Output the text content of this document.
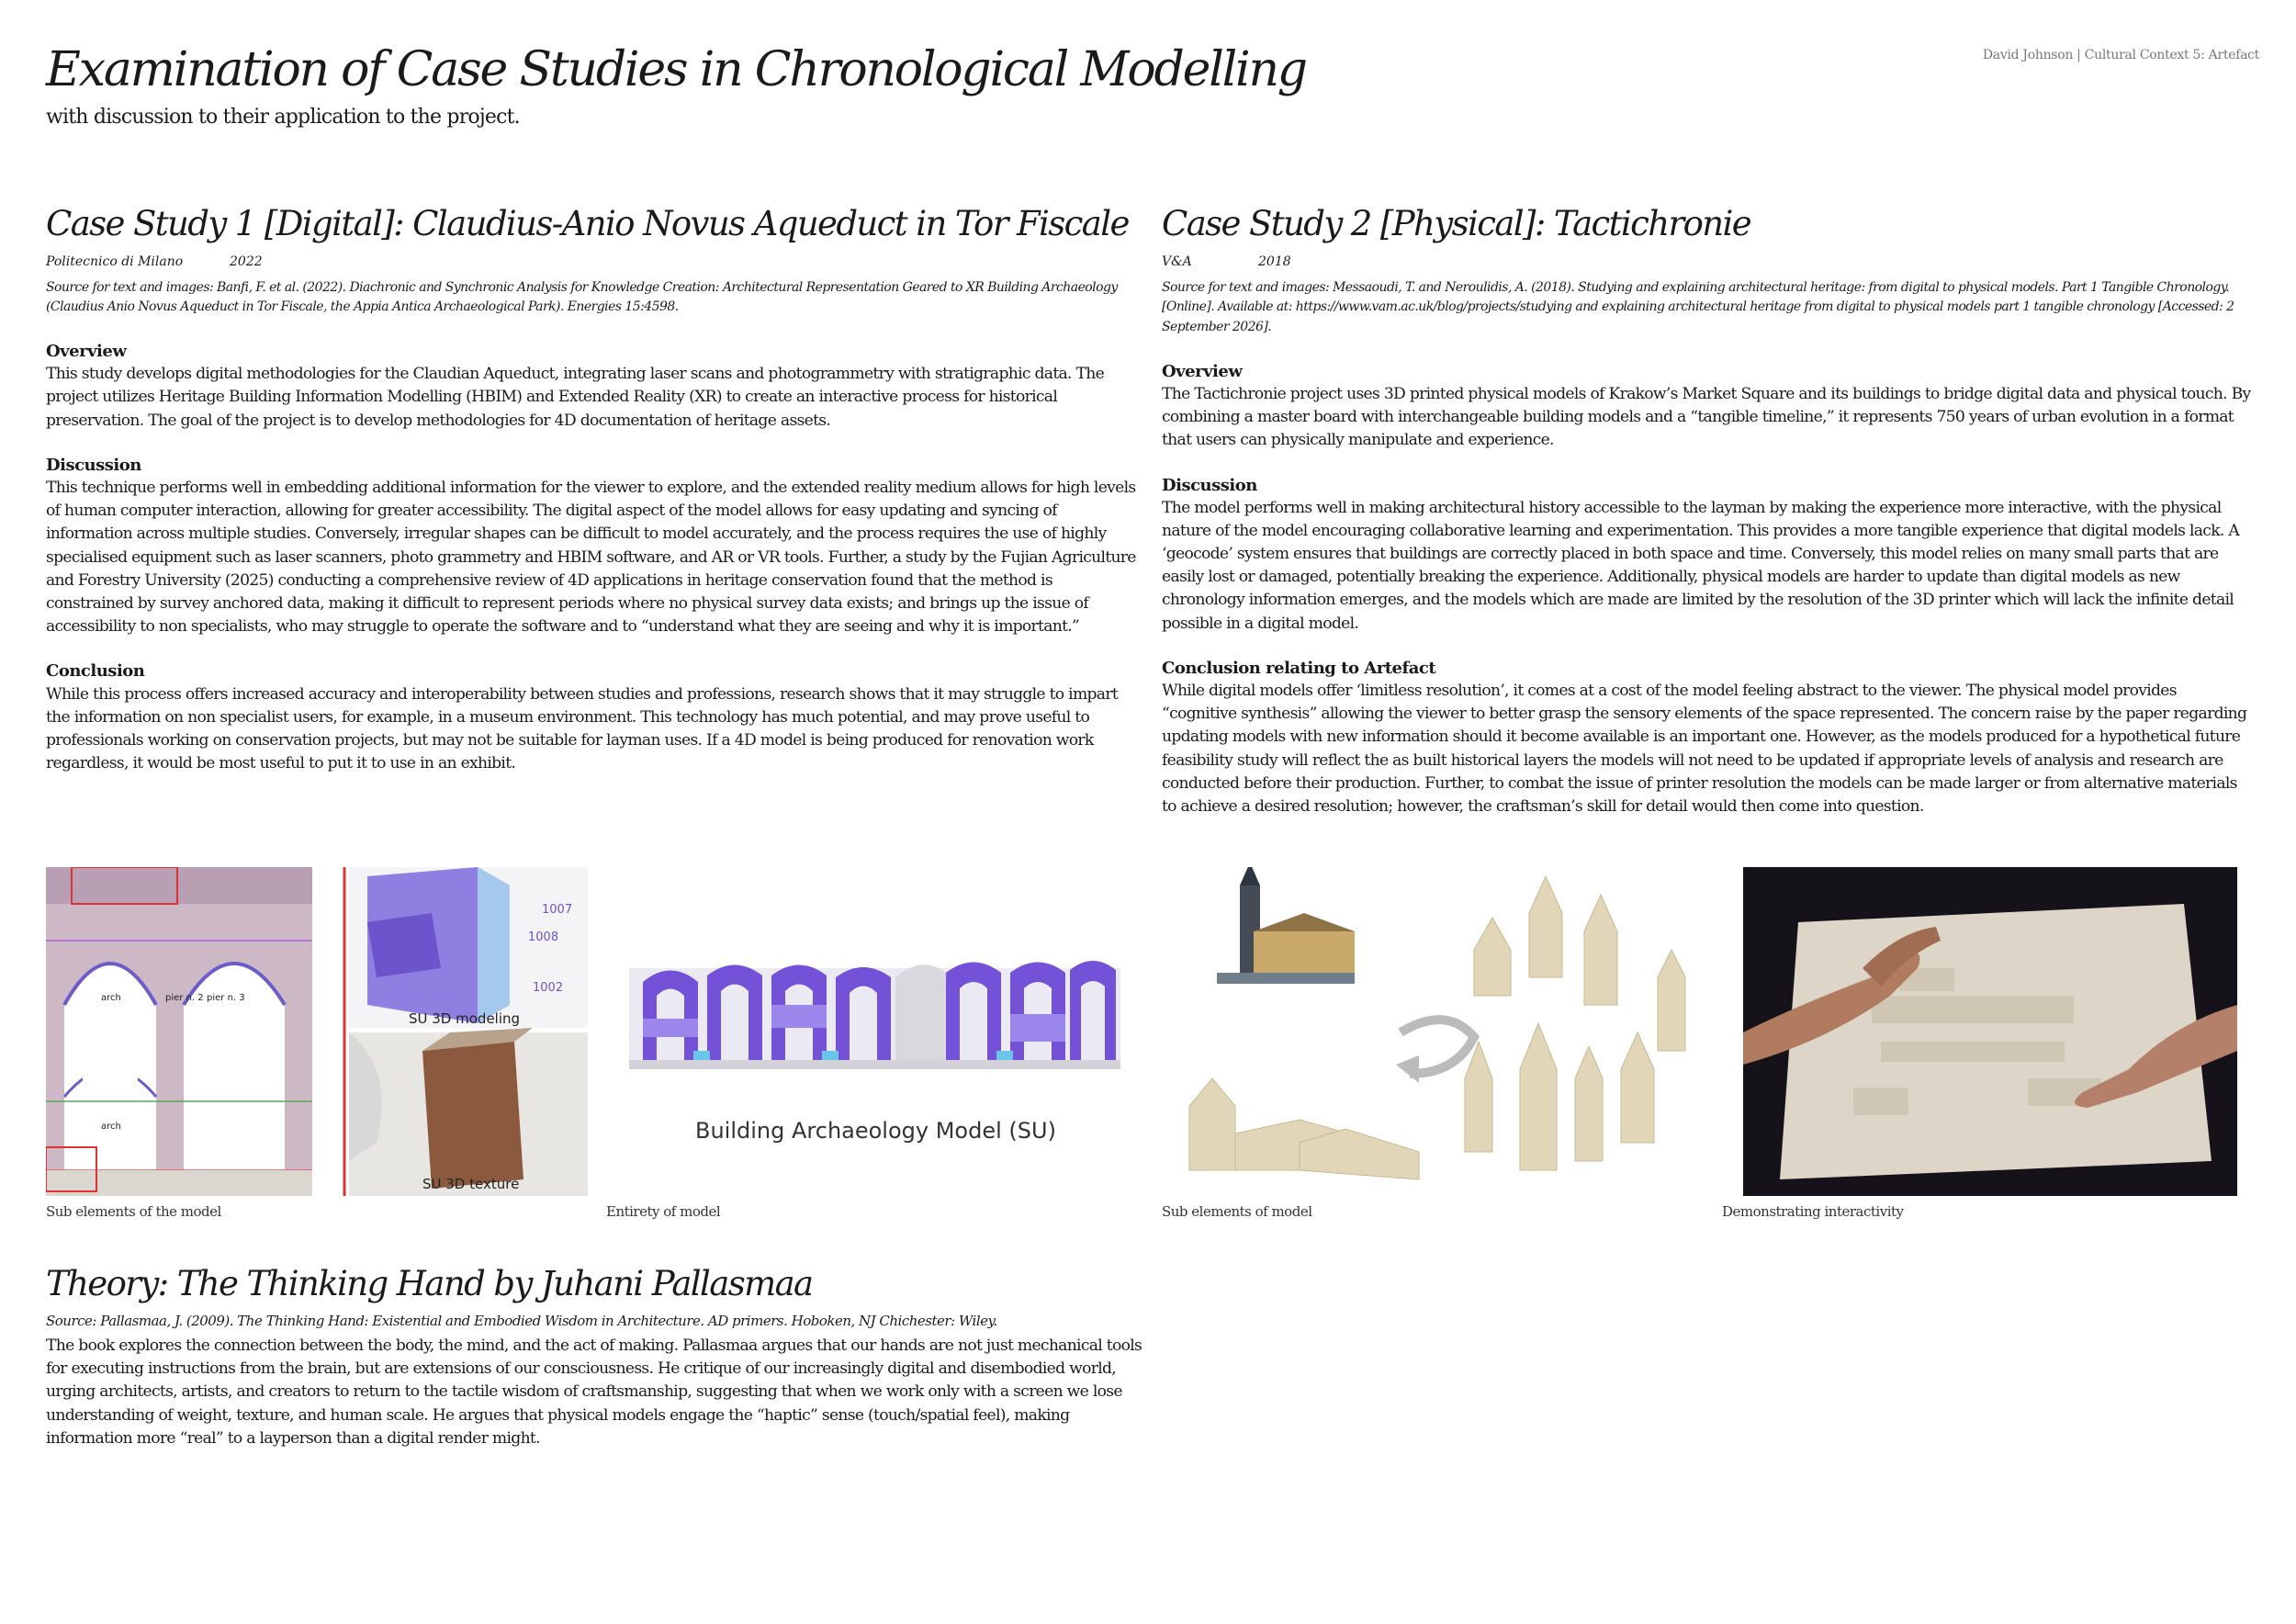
David Johnson | Cultural Context 5: Artefact
Examination of Case Studies in Chronological Modelling
with discussion to their application to the project.
Case Study 1 [Digital]: Claudius-Anio Novus Aqueduct in Tor Fiscale
Politecnico di Milano	2022

Source for text and images: Banfi, F. et al. (2022). Diachronic and Synchronic Analysis for Knowledge Creation: Architectural Representation Geared to XR Building Archaeology (Claudius Anio Novus Aqueduct in Tor Fiscale, the Appia Antica Archaeological Park). Energies 15:4598.

Overview

This study develops digital methodologies for the Claudian Aqueduct, integrating laser scans and photogrammetry with stratigraphic data. The project utilizes Heritage Building Information Modelling (HBIM) and Extended Reality (XR) to create an interactive process for historical preservation. The goal of the project is to develop methodologies for 4D documentation of heritage assets.

Discussion

This technique performs well in embedding additional information for the viewer to explore, and the extended reality medium allows for high levels of human computer interaction, allowing for greater accessibility. The digital aspect of the model allows for easy updating and syncing of information across multiple studies. Conversely, irregular shapes can be difficult to model accurately, and the process requires the use of highly specialised equipment such as laser scanners, photo grammetry and HBIM software, and AR or VR tools. Further, a study by the Fujian Agriculture and Forestry University (2025) conducting a comprehensive review of 4D applications in heritage conservation found that the method is constrained by survey anchored data, making it difficult to represent periods where no physical survey data exists; and brings up the issue of accessibility to non specialists, who may struggle to operate the software and to “understand what they are seeing and why it is important.”

Conclusion

While this process offers increased accuracy and interoperability between studies and professions, research shows that it may struggle to impart the information on non specialist users, for example, in a museum environment. This technology has much potential, and may prove useful to professionals working on conservation projects, but may not be suitable for layman uses. If a 4D model is being produced for renovation work regardless, it would be most useful to put it to use in an exhibit.

Case Study 2 [Physical]: Tactichronie
V&A	2018

Source for text and images: Messaoudi, T. and Neroulidis, A. (2018). Studying and explaining architectural heritage: from digital to physical models. Part 1 Tangible Chronology. [Online]. Available at: https://www.vam.ac.uk/blog/projects/studying and explaining architectural heritage from digital to physical models part 1 tangible chronology [Accessed: 2 September 2026].

Overview

The Tactichronie project uses 3D printed physical models of Krakow’s Market Square and its buildings to bridge digital data and physical touch. By combining a master board with interchangeable building models and a “tangible timeline,” it represents 750 years of urban evolution in a format that users can physically manipulate and experience.

Discussion

The model performs well in making architectural history accessible to the layman by making the experience more interactive, with the physical nature of the model encouraging collaborative learning and experimentation. This provides a more tangible experience that digital models lack. A ‘geocode’ system ensures that buildings are correctly placed in both space and time. Conversely, this model relies on many small parts that are easily lost or damaged, potentially breaking the experience. Additionally, physical models are harder to update than digital models as new chronology information emerges, and the models which are made are limited by the resolution of the 3D printer which will lack the infinite detail possible in a digital model.

Conclusion relating to Artefact

While digital models offer ‘limitless resolution’, it comes at a cost of the model feeling abstract to the viewer. The physical model provides “cognitive synthesis” allowing the viewer to better grasp the sensory elements of the space represented. The concern raise by the paper regarding updating models with new information should it become available is an important one. However, as the models produced for a hypothetical future feasibility study will reflect the as built historical layers the models will not need to be updated if appropriate levels of analysis and research are conducted before their production. Further, to combat the issue of printer resolution the models can be made larger or from alternative materials to achieve a desired resolution; however, the craftsman’s skill for detail would then come into question.

arch	pier n. 2 pier n. 3
arch
1007
1008
1002
SU 3D modeling
SU 3D texture
Sub elements of the model
Building Archaeology Model (SU)
Entirety of model	Sub elements of model	Demonstrating interactivity
Theory: The Thinking Hand by Juhani Pallasmaa

Source: Pallasmaa, J. (2009). The Thinking Hand: Existential and Embodied Wisdom in Architecture. AD primers. Hoboken, NJ Chichester: Wiley.

The book explores the connection between the body, the mind, and the act of making. Pallasmaa argues that our hands are not just mechanical tools for executing instructions from the brain, but are extensions of our consciousness. He critique of our increasingly digital and disembodied world, urging architects, artists, and creators to return to the tactile wisdom of craftsmanship, suggesting that when we work only with a screen we lose understanding of weight, texture, and human scale. He argues that physical models engage the “haptic” sense (touch/spatial feel), making information more “real” to a layperson than a digital render might.
